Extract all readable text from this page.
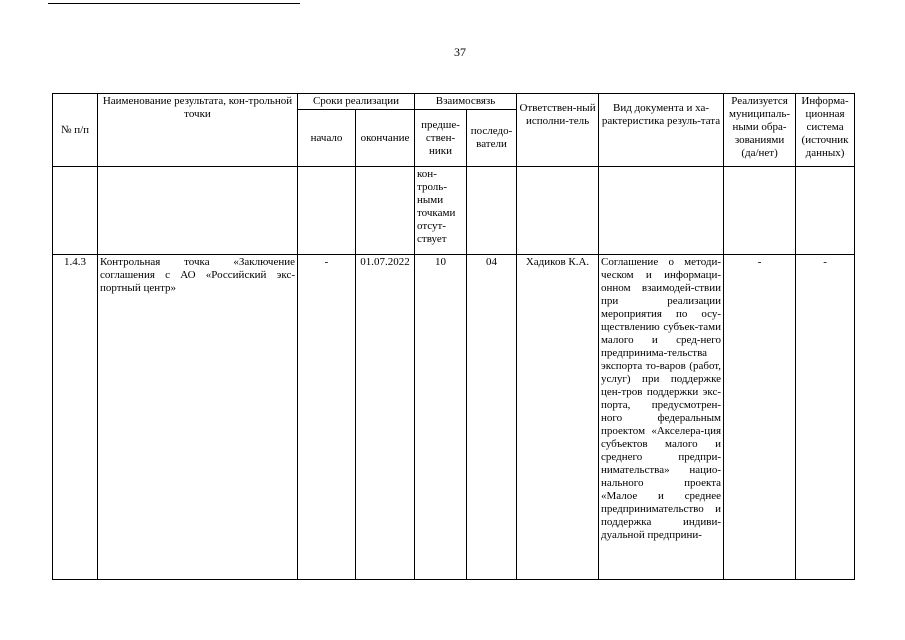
37
№ п/п	Наименование результата, кон-трольной точки	Сроки реализации		Взаимосвязь		Ответствен-ный исполни-тель	Вид документа и ха-рактеристика резуль-тата	Реализуется муниципаль-ными обра-зованиями (да/нет)	Информа-ционная система (источник данных)
		начало	окончание	предше-ствен-ники	последо-ватели				
				кон-троль-ными точками отсут-ствует					
1.4.3	Контрольная точка «Заключение соглашения с АО «Российский экс-портный центр»	-	01.07.2022	10	04	Хадиков К.А.	Соглашение о методи-ческом и информаци-онном взаимодей-ствии при реализации мероприятия по осу-ществлению субъек-тами малого и сред-него предпринима-тельства экспорта то-варов (работ, услуг) при поддержке цен-тров поддержки экс-порта, предусмотрен-ного федеральным проектом «Акселера-ция субъектов малого и среднего предпри-нимательства» нацио-нального проекта «Малое и среднее предпринимательство и поддержка индиви-дуальной предприни-	-	-
